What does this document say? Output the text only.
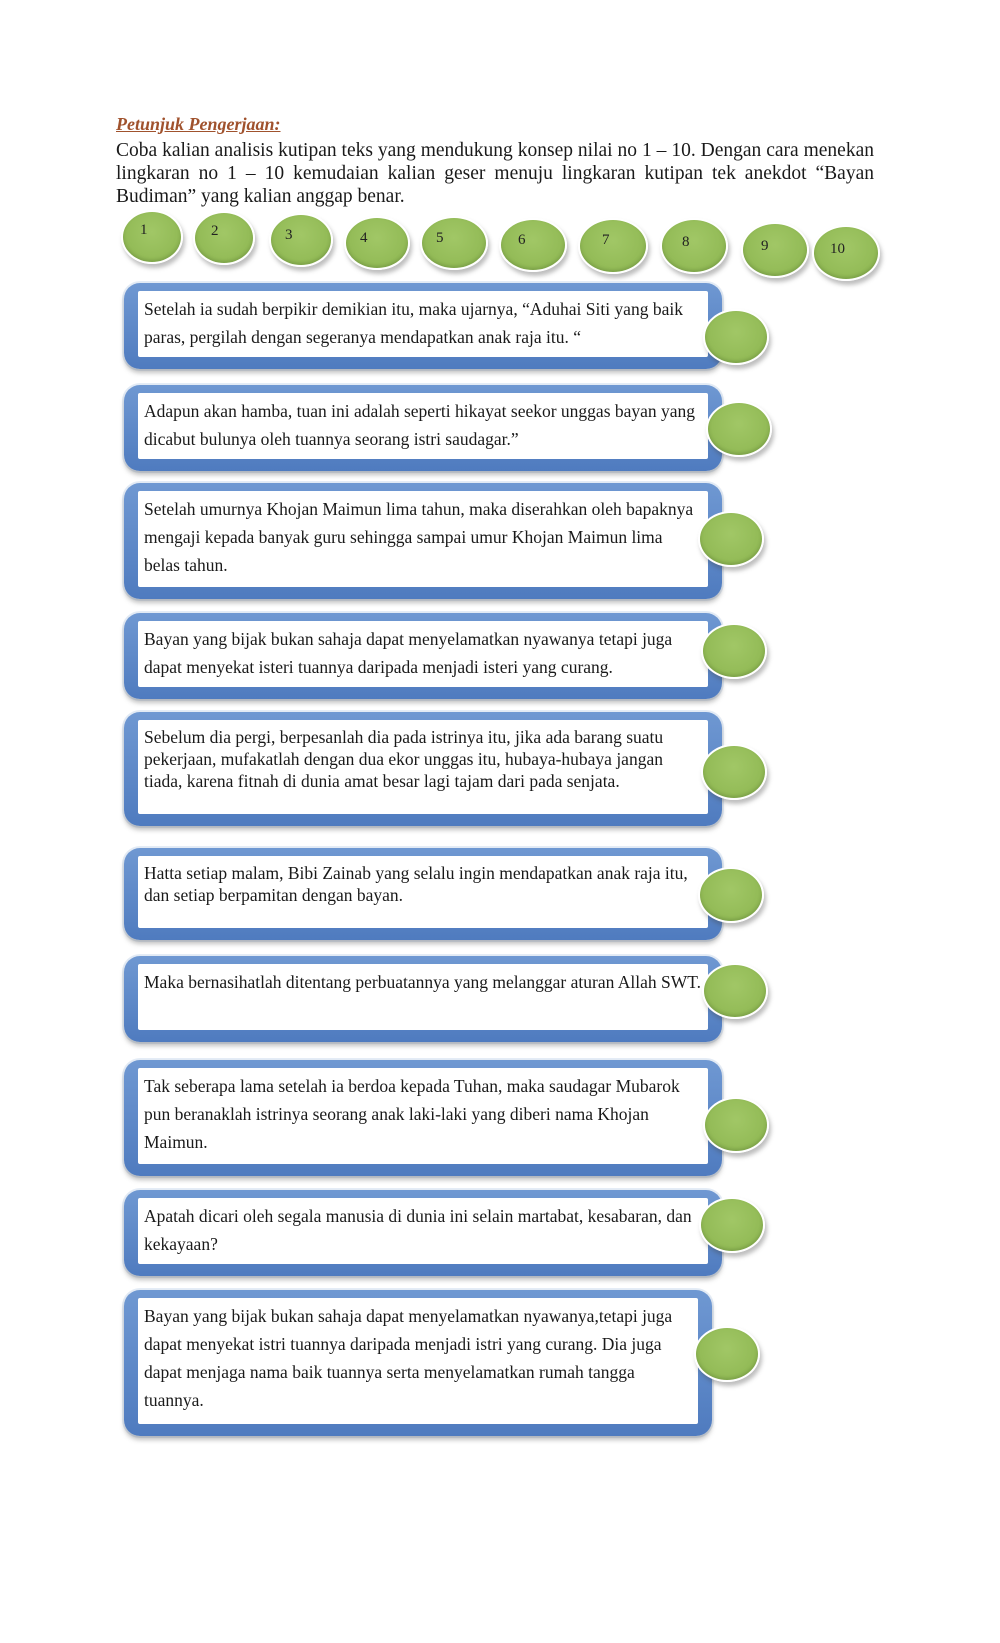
Petunjuk Pengerjaan:
Coba kalian analisis kutipan teks yang mendukung konsep nilai no 1 – 10. Dengan cara menekan lingkaran no 1 – 10 kemudaian kalian geser menuju lingkaran kutipan tek anekdot “Bayan Budiman” yang kalian anggap benar.
1	2	3	4	5	6	7	8	9	10
Setelah ia sudah berpikir demikian itu, maka ujarnya, “Aduhai Siti yang baik paras, pergilah dengan segeranya mendapatkan anak raja itu. “
Adapun akan hamba, tuan ini adalah seperti hikayat seekor unggas bayan yang dicabut bulunya oleh tuannya seorang istri saudagar.”
Setelah umurnya Khojan Maimun lima tahun, maka diserahkan oleh bapaknya mengaji kepada banyak guru sehingga sampai umur Khojan Maimun lima belas tahun.
Bayan yang bijak bukan sahaja dapat menyelamatkan nyawanya tetapi juga dapat menyekat isteri tuannya daripada menjadi isteri yang curang.
Sebelum dia pergi, berpesanlah dia pada istrinya itu, jika ada barang suatu pekerjaan, mufakatlah dengan dua ekor unggas itu, hubaya-hubaya jangan tiada, karena fitnah di dunia amat besar lagi tajam dari pada senjata.
Hatta setiap malam, Bibi Zainab yang selalu ingin mendapatkan anak raja itu, dan setiap berpamitan dengan bayan.
Maka bernasihatlah ditentang perbuatannya yang melanggar aturan Allah SWT.
Tak seberapa lama setelah ia berdoa kepada Tuhan, maka saudagar Mubarok pun beranaklah istrinya seorang anak laki-laki yang diberi nama Khojan Maimun.
Apatah dicari oleh segala manusia di dunia ini selain martabat, kesabaran, dan kekayaan?
Bayan yang bijak bukan sahaja dapat menyelamatkan nyawanya,tetapi juga dapat menyekat istri tuannya daripada menjadi istri yang curang. Dia juga dapat menjaga nama baik tuannya serta menyelamatkan rumah tangga tuannya.
